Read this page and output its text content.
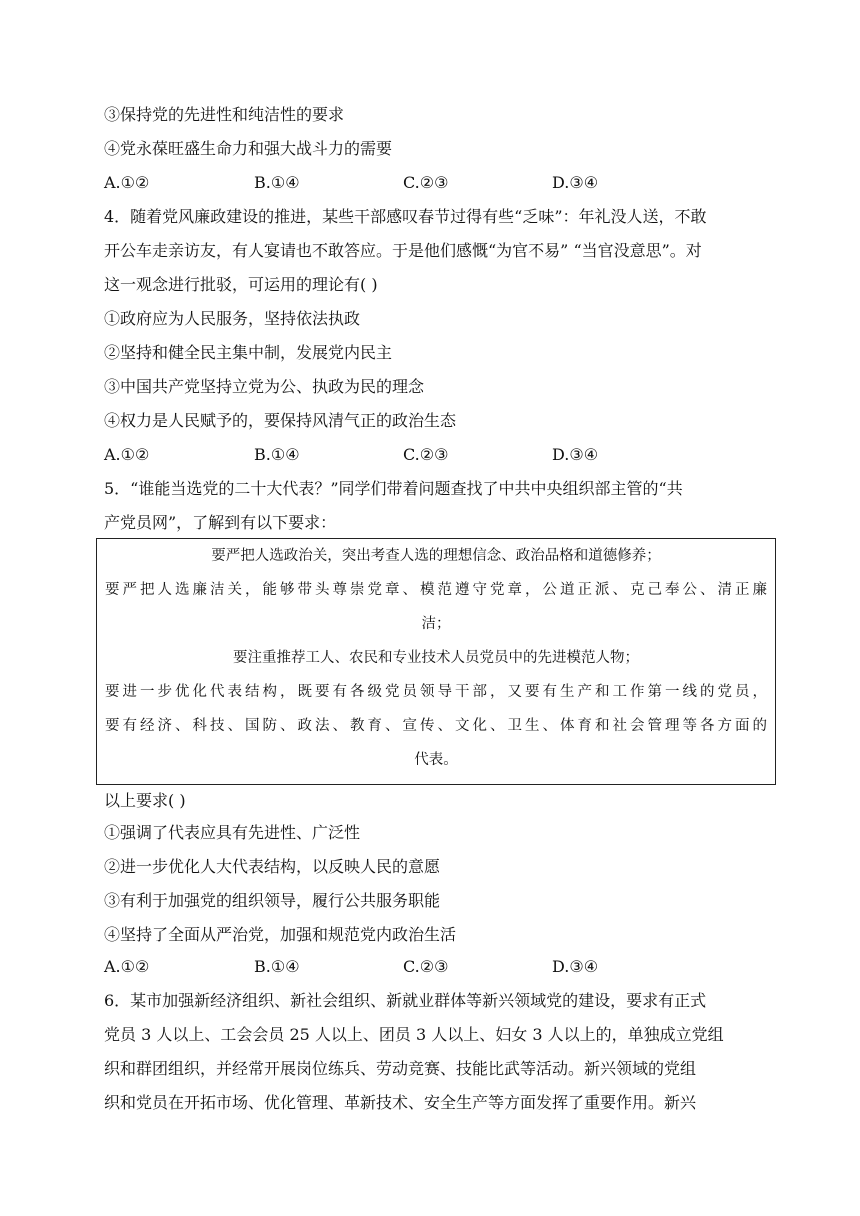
③保持党的先进性和纯洁性的要求
④党永葆旺盛生命力和强大战斗力的需要
A.①②	B.①④	C.②③	D.③④
4．随着党风廉政建设的推进，某些干部感叹春节过得有些“乏味”：年礼没人送，不敢
开公车走亲访友，有人宴请也不敢答应。于是他们感慨“为官不易” “当官没意思”。对
这一观念进行批驳，可运用的理论有( )
①政府应为人民服务，坚持依法执政
②坚持和健全民主集中制，发展党内民主
③中国共产党坚持立党为公、执政为民的理念
④权力是人民赋予的，要保持风清气正的政治生态
A.①②	B.①④	C.②③	D.③④
5．“谁能当选党的二十大代表？”同学们带着问题查找了中共中央组织部主管的“共
产党员网”，了解到有以下要求：
要严把人选政治关，突出考查人选的理想信念、政治品格和道德修养；
要严把人选廉洁关，能够带头尊崇党章、模范遵守党章，公道正派、克己奉公、清正廉
洁；
要注重推荐工人、农民和专业技术人员党员中的先进模范人物；
要进一步优化代表结构，既要有各级党员领导干部，又要有生产和工作第一线的党员，
要有经济、科技、国防、政法、教育、宣传、文化、卫生、体育和社会管理等各方面的
代表。
以上要求( )
①强调了代表应具有先进性、广泛性
②进一步优化人大代表结构，以反映人民的意愿
③有利于加强党的组织领导，履行公共服务职能
④坚持了全面从严治党，加强和规范党内政治生活
A.①②	B.①④	C.②③	D.③④
6．某市加强新经济组织、新社会组织、新就业群体等新兴领域党的建设，要求有正式
党员 3 人以上、工会会员 25 人以上、团员 3 人以上、妇女 3 人以上的，单独成立党组
织和群团组织，并经常开展岗位练兵、劳动竞赛、技能比武等活动。新兴领域的党组
织和党员在开拓市场、优化管理、革新技术、安全生产等方面发挥了重要作用。新兴
